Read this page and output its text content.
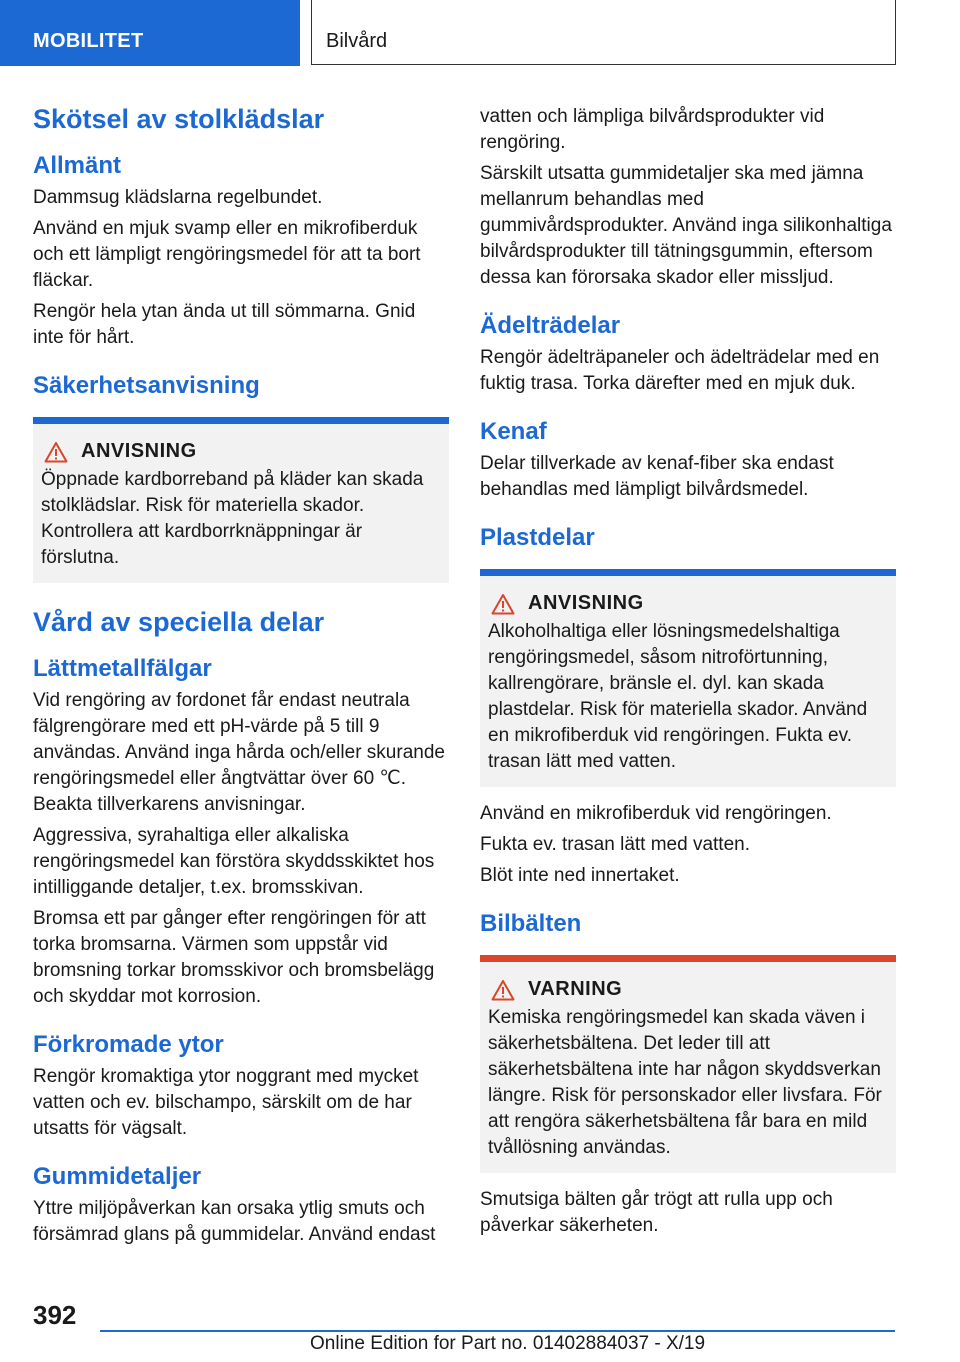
MOBILITET	Bilvård
Skötsel av stolklädslar
Allmänt

Dammsug klädslarna regelbundet.

Använd en mjuk svamp eller en mikrofiberduk och ett lämpligt rengöringsmedel för att ta bort fläckar.

Rengör hela ytan ända ut till sömmarna. Gnid inte för hårt.

Säkerhetsanvisning
ANVISNING

Öppnade kardborreband på kläder kan skada stolklädslar. Risk för materiella skador. Kontrollera att kardborrknäppningar är förslutna.

Vård av speciella delar
Lättmetallfälgar

Vid rengöring av fordonet får endast neutrala fälgrengörare med ett pH-värde på 5 till 9 användas. Använd inga hårda och/eller skurande rengöringsmedel eller ångtvättar över 60 ℃. Beakta tillverkarens anvisningar.

Aggressiva, syrahaltiga eller alkaliska rengöringsmedel kan förstöra skyddsskiktet hos intilliggande detaljer, t.ex. bromsskivan.

Bromsa ett par gånger efter rengöringen för att torka bromsarna. Värmen som uppstår vid bromsning torkar bromsskivor och bromsbelägg och skyddar mot korrosion.

Förkromade ytor

Rengör kromaktiga ytor noggrant med mycket vatten och ev. bilschampo, särskilt om de har utsatts för vägsalt.

Gummidetaljer

Yttre miljöpåverkan kan orsaka ytlig smuts och försämrad glans på gummidelar. Använd endast

vatten och lämpliga bilvårdsprodukter vid rengöring.

Särskilt utsatta gummidetaljer ska med jämna mellanrum behandlas med gummivårdsprodukter. Använd inga silikonhaltiga bilvårdsprodukter till tätningsgummin, eftersom dessa kan förorsaka skador eller missljud.

Ädelträdelar

Rengör ädelträpaneler och ädelträdelar med en fuktig trasa. Torka därefter med en mjuk duk.

Kenaf

Delar tillverkade av kenaf-fiber ska endast behandlas med lämpligt bilvårdsmedel.

Plastdelar
ANVISNING

Alkoholhaltiga eller lösningsmedelshaltiga rengöringsmedel, såsom nitroförtunning, kallrengörare, bränsle el. dyl. kan skada plastdelar. Risk för materiella skador. Använd en mikrofiberduk vid rengöringen. Fukta ev. trasan lätt med vatten.

Använd en mikrofiberduk vid rengöringen.

Fukta ev. trasan lätt med vatten.

Blöt inte ned innertaket.

Bilbälten
VARNING

Kemiska rengöringsmedel kan skada väven i säkerhetsbältena. Det leder till att säkerhetsbältena inte har någon skyddsverkan längre. Risk för personskador eller livsfara. För att rengöra säkerhetsbältena får bara en mild tvållösning användas.

Smutsiga bälten går trögt att rulla upp och påverkar säkerheten.

392
Online Edition for Part no. 01402884037 - X/19
